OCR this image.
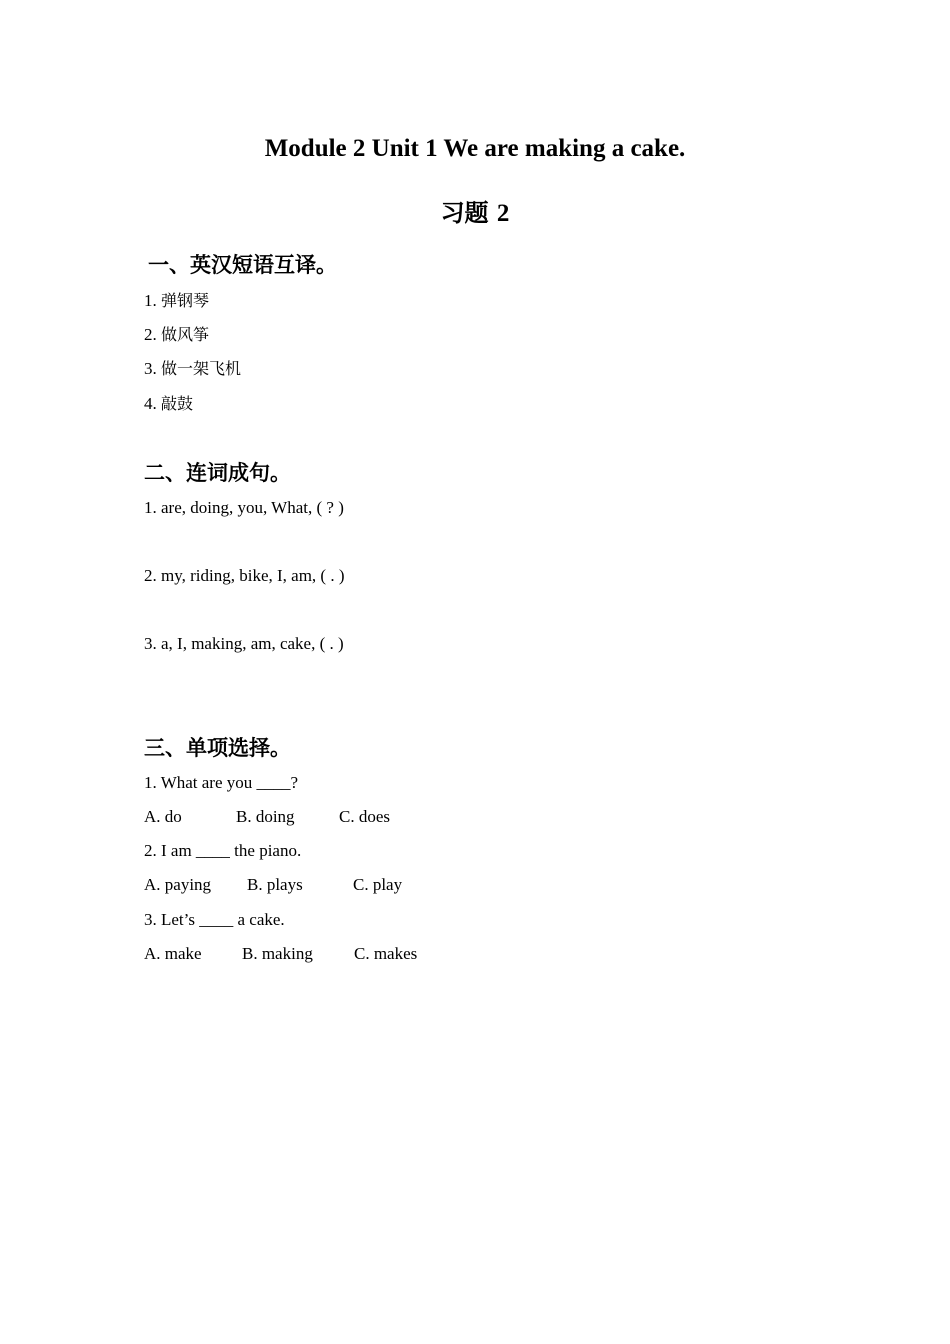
Module 2 Unit 1 We are making a cake.
习题 2
一、英汉短语互译。
1. 弹钢琴
2. 做风筝
3. 做一架飞机
4. 敲鼓
二、连词成句。
1. are, doing, you, What, ( ? )
2. my, riding, bike, I, am, ( . )
3. a, I, making, am, cake, ( . )
三、单项选择。
1. What are you ____?
A. do	B. doing	C. does
2. I am ____ the piano.
A. paying B. plays	C. play
3. Let’s ____ a cake.
A. make B. making C. makes
